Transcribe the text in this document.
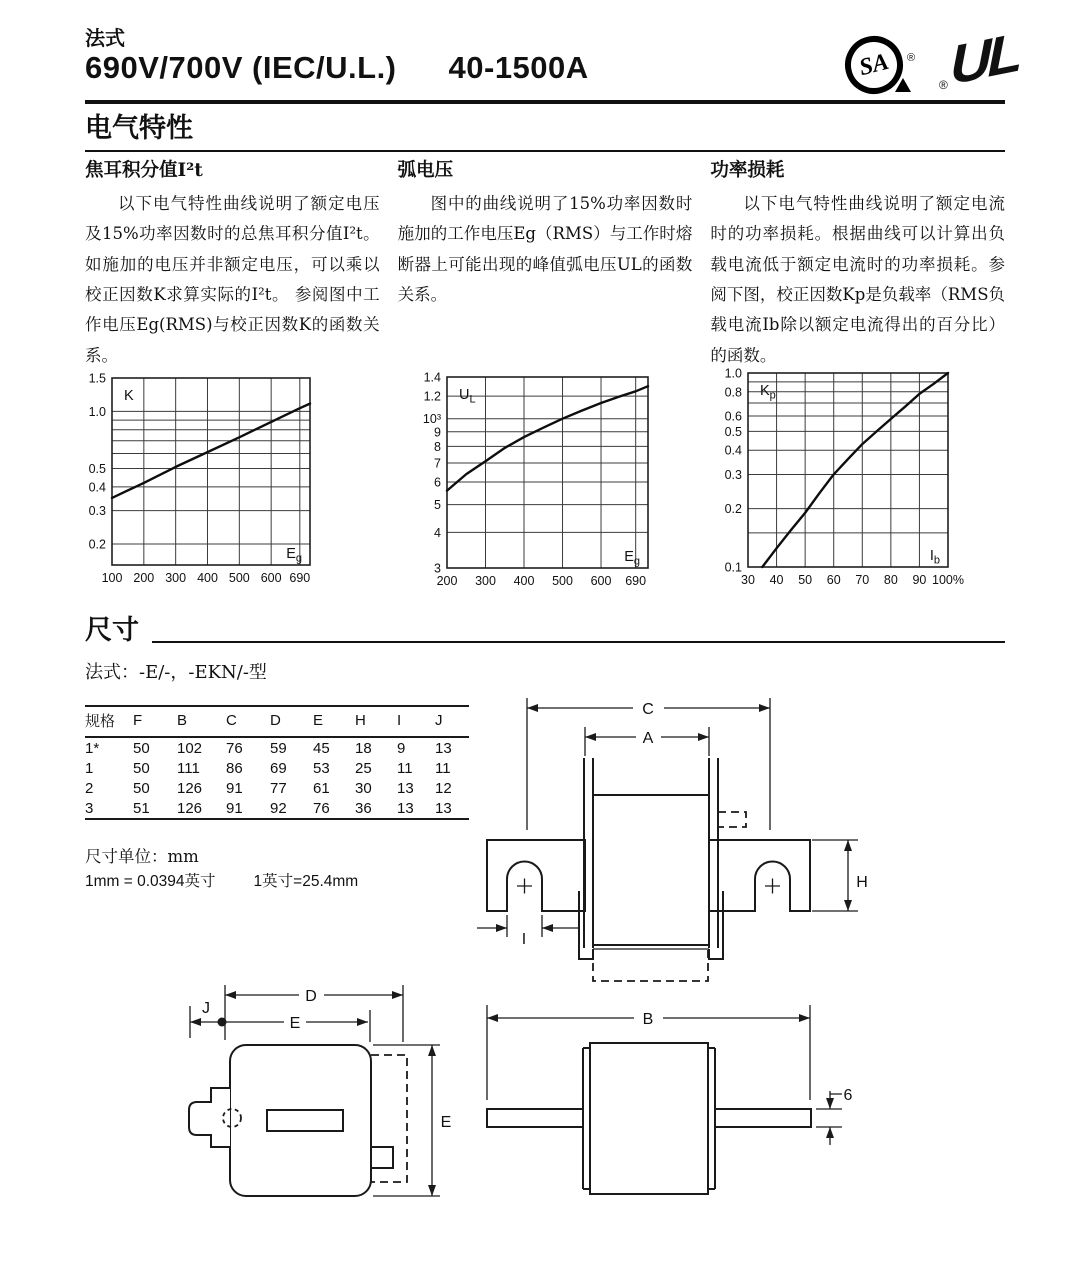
法式
690V/700V (IEC/U.L.) 40-1500A	SA ®
® UL
电气特性
焦耳积分值I²t

以下电气特性曲线说明了额定电压及15%功率因数时的总焦耳积分值I²t。如施加的电压并非额定电压，可以乘以校正因数K求算实际的I²t。 参阅图中工作电压Eg(RMS)与校正因数K的函数关系。

弧电压

图中的曲线说明了15%功率因数时施加的工作电压Eg（RMS）与工作时熔断器上可能出现的峰值弧电压UL的函数关系。

功率损耗

以下电气特性曲线说明了额定电流时的功率损耗。根据曲线可以计算出负载电流低于额定电流时的功率损耗。参阅下图，校正因数Kp是负载率（RMS负载电流Ib除以额定电流得出的百分比）的函数。

1.5
1.0
0.5
0.4
0.3
0.2
100 200 300 400 500 600 690
K
$E_g$
1.4
1.2
10³
9
8
7
6
5
4
3
200 300 400 500 600 690
$U_L$
$E_g$
1.0
0.8
0.6
0.5
0.4
0.3
0.2
0.1
30 40 50 60 70 80 90 100%
$K_p$
$I_b$
尺寸
法式：-E/-，-EKN/-型
规格	F	B	C	D	E	H	I	J
1*	50	102	76	59	45	18	9	13
1	50	111	86	69	53	25	11	11
2	50	126	91	77	61	30	13	12
3	51	126	91	92	76	36	13	13
尺寸单位：mm
1mm = 0.0394英寸 1英寸=25.4mm
C
A
H
I
D
J
E
E
B
6
